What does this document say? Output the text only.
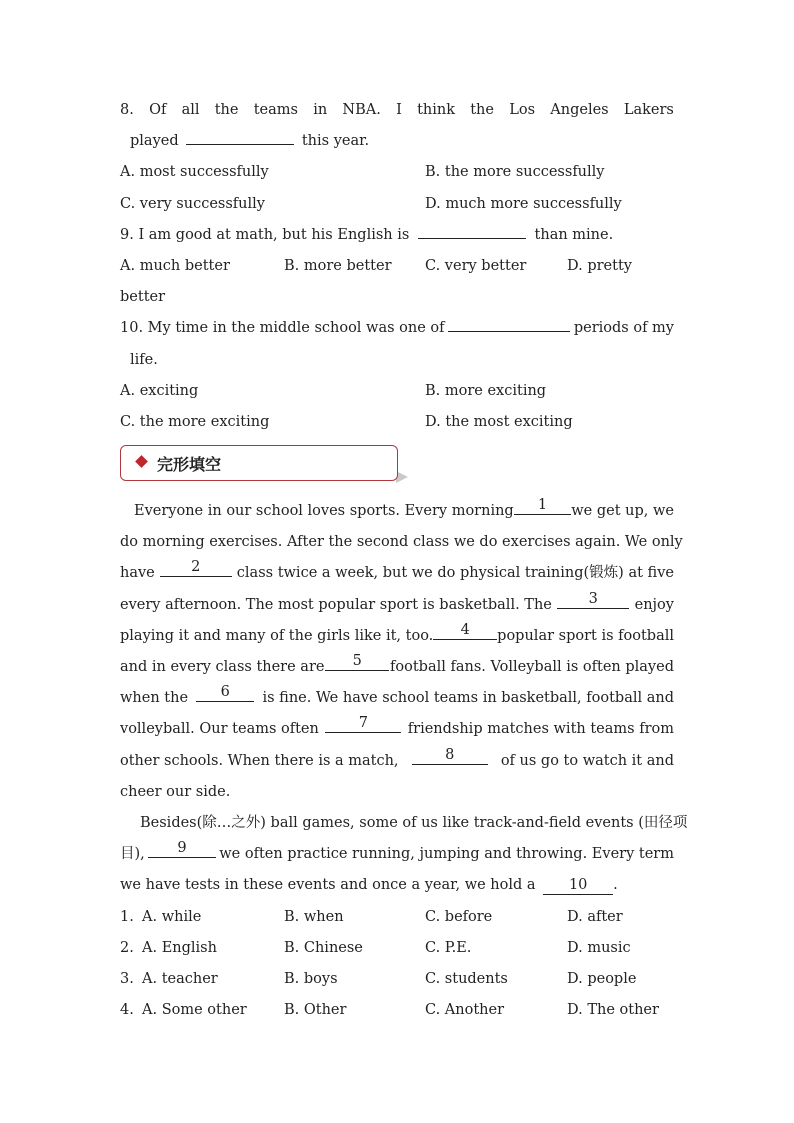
8. Of all the teams in NBA. I think the Los Angeles Lakers
played	this year.
A. most successfully	B. the more successfully
C. very successfully	D. much more successfully
9. I am good at math, but his English is	than mine.
A. much better	B. more better C. very better	D. pretty
better
10. My time in the middle school was one of	periods of my
life.
A. exciting	B. more exciting
C. the more exciting	D. the most exciting
完形填空
Everyone in our school loves sports. Every morning	1	we get up, we
do morning exercises. After the second class we do exercises again. We only
have	2	class twice a week, but we do physical training(锻炼) at five
every afternoon. The most popular sport is basketball. The	3	enjoy
playing it and many of the girls like it, too.	4	popular sport is football
and in every class there are	5	football fans. Volleyball is often played
when the	6	is fine. We have school teams in basketball, football and
volleyball. Our teams often	7	friendship matches with teams from
other schools. When there is a match,	8	of us go to watch it and
cheer our side.
Besides(除…之外) ball games, some of us like track-and-field events (田径项
目),	9	we often practice running, jumping and throwing. Every term
we have tests in these events and once a year, we hold a 10 .
1. A. while	B. when	C. before	D. after
2. A. English	B. Chinese	C. P.E.	D. music
3. A. teacher	B. boys	C. students	D. people
4. A. Some other	B. Other	C. Another	D. The other
